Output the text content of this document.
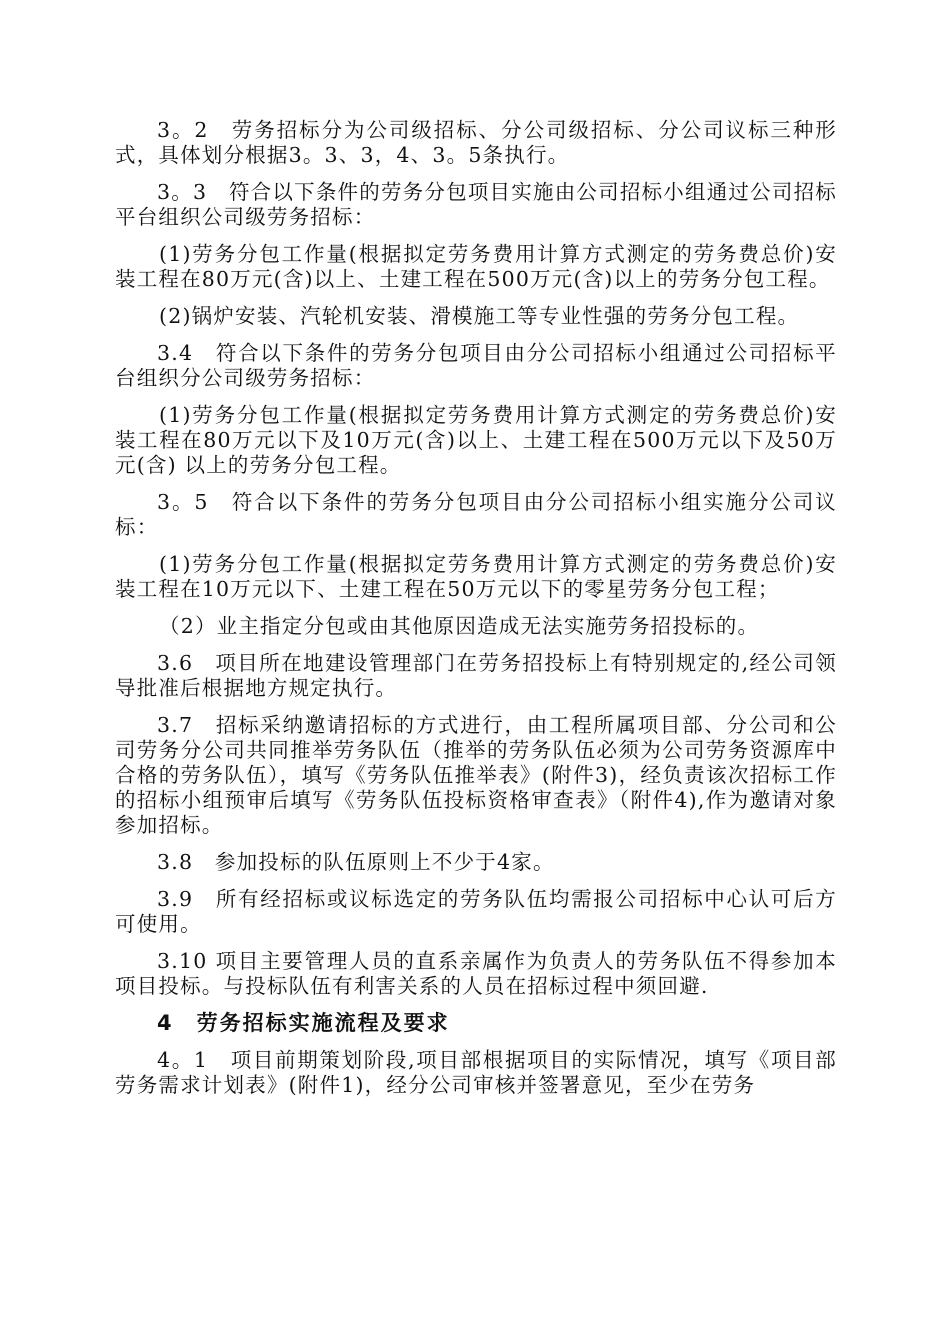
3。2　劳务招标分为公司级招标、分公司级招标、分公司议标三种形式，具体划分根据3。3、3，4、3。5条执行。

3。3　符合以下条件的劳务分包项目实施由公司招标小组通过公司招标平台组织公司级劳务招标：

(1)劳务分包工作量(根据拟定劳务费用计算方式测定的劳务费总价)安装工程在80万元(含)以上、土建工程在500万元(含)以上的劳务分包工程。

(2)锅炉安装、汽轮机安装、滑模施工等专业性强的劳务分包工程。

3.4　符合以下条件的劳务分包项目由分公司招标小组通过公司招标平台组织分公司级劳务招标：

(1)劳务分包工作量(根据拟定劳务费用计算方式测定的劳务费总价)安装工程在80万元以下及10万元(含)以上、土建工程在500万元以下及50万元(含) 以上的劳务分包工程。

3。5　符合以下条件的劳务分包项目由分公司招标小组实施分公司议标：

(1)劳务分包工作量(根据拟定劳务费用计算方式测定的劳务费总价)安装工程在10万元以下、土建工程在50万元以下的零星劳务分包工程；

（2）业主指定分包或由其他原因造成无法实施劳务招投标的。

3.6　项目所在地建设管理部门在劳务招投标上有特别规定的,经公司领导批准后根据地方规定执行。

3.7　招标采纳邀请招标的方式进行，由工程所属项目部、分公司和公司劳务分公司共同推举劳务队伍（推举的劳务队伍必须为公司劳务资源库中合格的劳务队伍），填写《劳务队伍推举表》(附件3)，经负责该次招标工作的招标小组预审后填写《劳务队伍投标资格审查表》（附件4),作为邀请对象参加招标。

3.8　参加投标的队伍原则上不少于4家。

3.9　所有经招标或议标选定的劳务队伍均需报公司招标中心认可后方可使用。

3.10 项目主要管理人员的直系亲属作为负责人的劳务队伍不得参加本项目投标。与投标队伍有利害关系的人员在招标过程中须回避.

4　劳务招标实施流程及要求

4。1　项目前期策划阶段,项目部根据项目的实际情况，填写《项目部劳务需求计划表》(附件1)，经分公司审核并签署意见，至少在劳务
